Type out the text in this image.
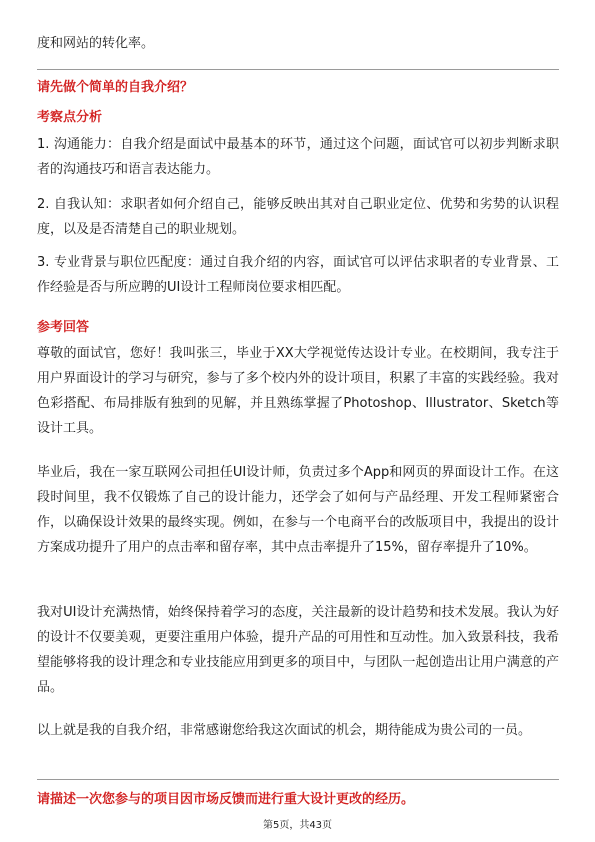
度和网站的转化率。
请先做个简单的自我介绍？
考察点分析
1. 沟通能力：自我介绍是面试中最基本的环节，通过这个问题，面试官可以初步判断求职者的沟通技巧和语言表达能力。
2. 自我认知：求职者如何介绍自己，能够反映出其对自己职业定位、优势和劣势的认识程度，以及是否清楚自己的职业规划。
3. 专业背景与职位匹配度：通过自我介绍的内容，面试官可以评估求职者的专业背景、工作经验是否与所应聘的UI设计工程师岗位要求相匹配。
参考回答
尊敬的面试官，您好！我叫张三，毕业于XX大学视觉传达设计专业。在校期间，我专注于用户界面设计的学习与研究，参与了多个校内外的设计项目，积累了丰富的实践经验。我对色彩搭配、布局排版有独到的见解，并且熟练掌握了Photoshop、Illustrator、Sketch等设计工具。
毕业后，我在一家互联网公司担任UI设计师，负责过多个App和网页的界面设计工作。在这段时间里，我不仅锻炼了自己的设计能力，还学会了如何与产品经理、开发工程师紧密合作，以确保设计效果的最终实现。例如，在参与一个电商平台的改版项目中，我提出的设计方案成功提升了用户的点击率和留存率，其中点击率提升了15%，留存率提升了10%。
我对UI设计充满热情，始终保持着学习的态度，关注最新的设计趋势和技术发展。我认为好的设计不仅要美观，更要注重用户体验，提升产品的可用性和互动性。加入致景科技，我希望能够将我的设计理念和专业技能应用到更多的项目中，与团队一起创造出让用户满意的产品。
以上就是我的自我介绍，非常感谢您给我这次面试的机会，期待能成为贵公司的一员。
请描述一次您参与的项目因市场反馈而进行重大设计更改的经历。
第5页，共43页
